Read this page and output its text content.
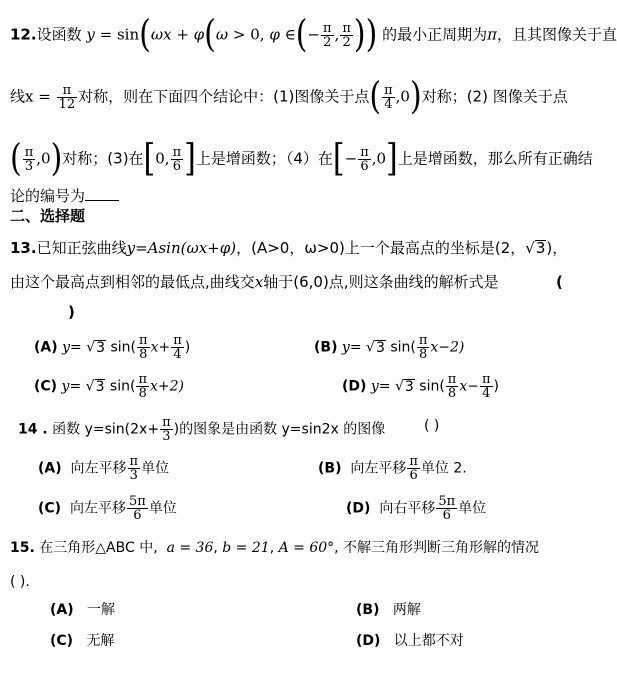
12.设函数 y = sin(ωx + φ(ω > 0, φ ∈(− $\frac{\pi}{2}$ , $\frac{\pi}{2}$ )) 的最小正周期为π，且其图像关于直
线$x = \frac{\pi}{12}$ 对称，则在下面四个结论中：(1)图像关于点( $\frac{\pi}{4} ,0$)对称；(2) 图像关于点
( $\frac{\pi}{3} ,0$)对称；(3)在[0, $\frac{\pi}{6}$ ]上是增函数；（4）在[− $\frac{\pi}{6} ,0$]上是增函数，那么所有正确结
论的编号为
二、选择题
13.已知正弦曲线y=Asin(ωx+φ)，(A>0，ω>0)上一个最高点的坐标是(2，√3)，
由这个最高点到相邻的最低点,曲线交x轴于(6,0)点,则这条曲线的解析式是	(
)
(A) y= √3 $\sin( \frac{\pi}{8} x+ \frac{\pi}{4}$ )	(B) y= √3 $\sin( \frac{\pi}{8} x-2)$
(C) y= √3 $\sin( \frac{\pi}{8} x+2)$	(D) y= √3 $\sin( \frac{\pi}{8} x- \frac{\pi}{4}$ )
14 . 函数 $y=\sin(2x+ \frac{\pi}{3}$ )的图象是由函数 y=sin2x 的图像	( )
(A) 向左平移 $\frac{\pi}{3}$ 单位	(B) 向左平移 $\frac{\pi}{6}$ 单位 2.
(C) 向左平移 $\frac{5\pi}{6}$ 单位	(D) 向右平移 $\frac{5\pi}{6}$ 单位
15. 在三角形△ABC 中, a = 36, b = 21, A = 60°, 不解三角形判断三角形解的情况
( ).
(A) 一解	(B) 两解
(C) 无解	(D) 以上都不对
